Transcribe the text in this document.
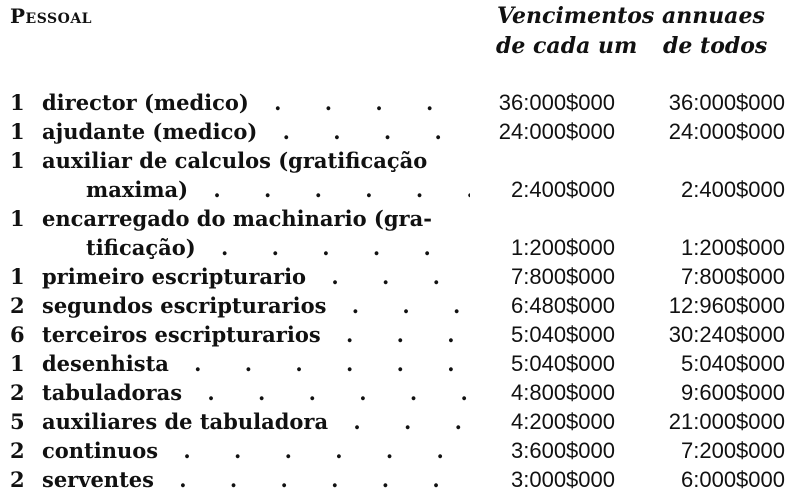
Pessoal	Vencimentos annuaes
de cada um de todos
1 director (medico) . . .	36:000$000 36:000$000
1 ajudante (medico) . . .	24:000$000 24:000$000
1 auxiliar de calculos (gratificação
maxima) . . .	2:400$000	2:400$000
1 encarregado do machinario (gra-
tificação) . . .	1:200$000	1:200$000
1 primeiro escripturario . . .	7:800$000	7:800$000
2 segundos escripturarios . . .	6:480$000 12:960$000
6 terceiros escripturarios . . .	5:040$000 30:240$000
1 desenhista . . .	5:040$000	5:040$000
2 tabuladoras . . .	4:800$000	9:600$000
5 auxiliares de tabuladora . . .	4:200$000 21:000$000
2 continuos . . .	3:600$000	7:200$000
2 serventes . . .	3:000$000	6:000$000
